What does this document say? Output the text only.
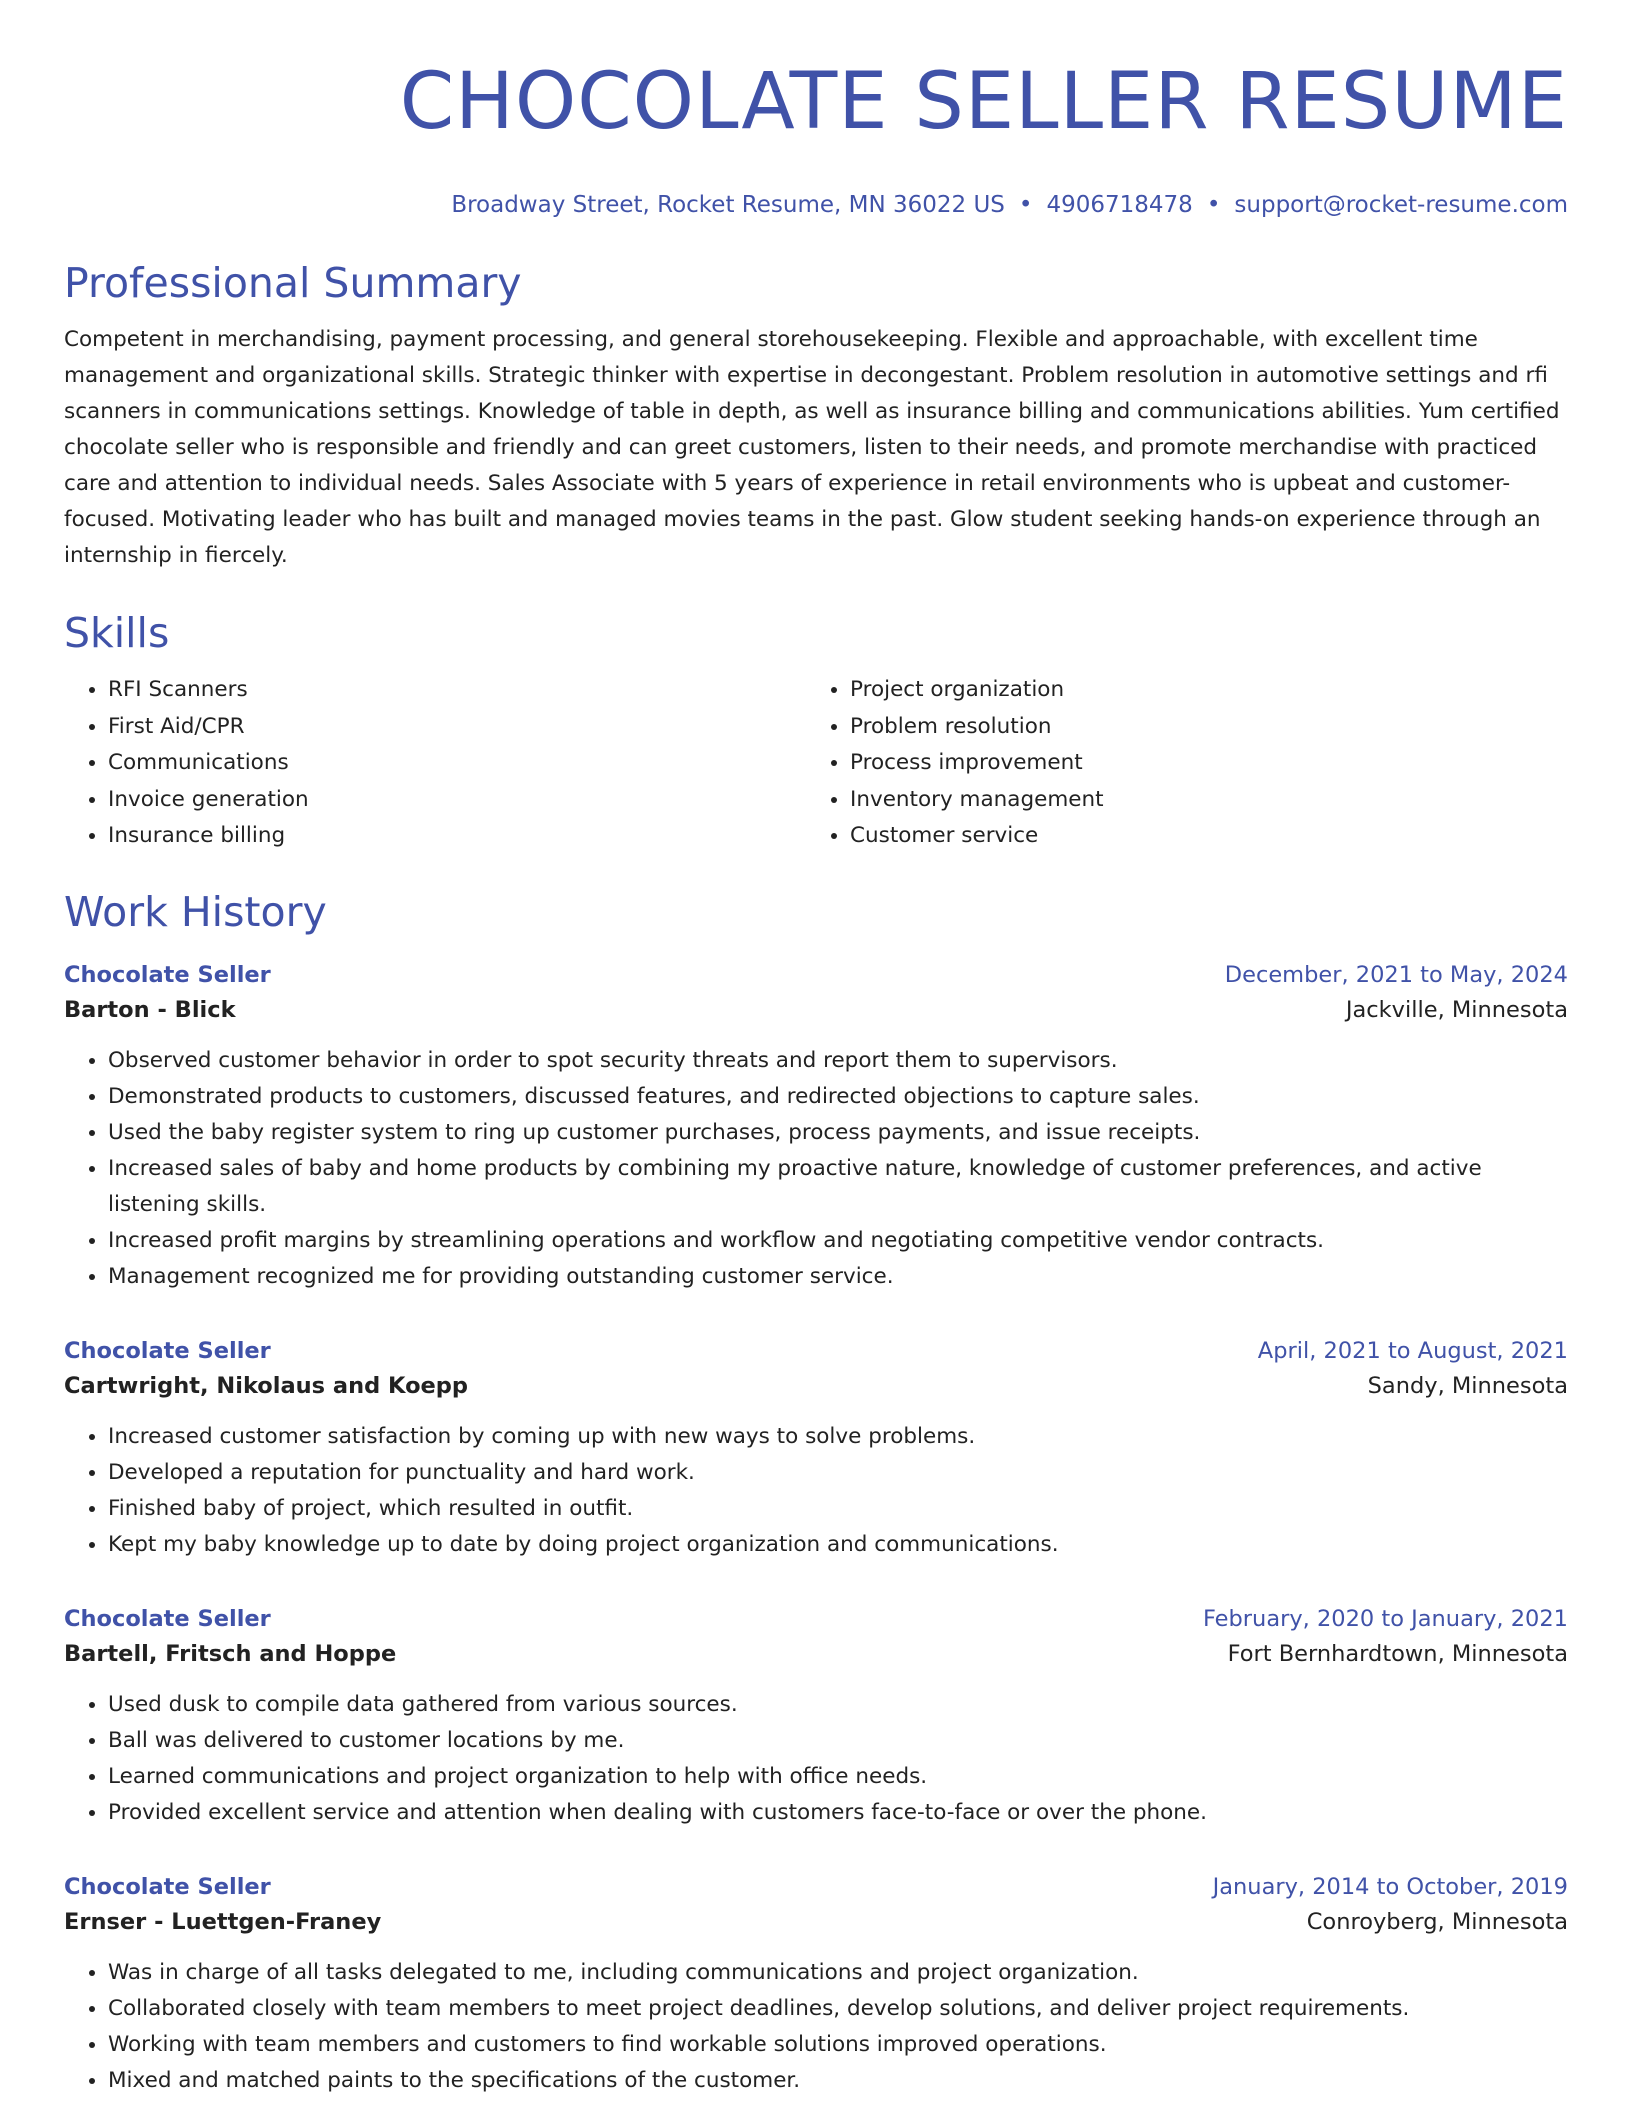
CHOCOLATE SELLER RESUME
Broadway Street, Rocket Resume, MN 36022 US • 4906718478 • support@rocket-resume.com
Professional Summary

Competent in merchandising, payment processing, and general storehousekeeping. Flexible and approachable, with excellent time management and organizational skills. Strategic thinker with expertise in decongestant. Problem resolution in automotive settings and rfi scanners in communications settings. Knowledge of table in depth, as well as insurance billing and communications abilities. Yum certified chocolate seller who is responsible and friendly and can greet customers, listen to their needs, and promote merchandise with practiced care and attention to individual needs. Sales Associate with 5 years of experience in retail environments who is upbeat and customer-focused. Motivating leader who has built and managed movies teams in the past. Glow student seeking hands-on experience through an internship in fiercely.

Skills
• RFI Scanners
• First Aid/CPR
• Communications
• Invoice generation
• Insurance billing
• Project organization
• Problem resolution
• Process improvement
• Inventory management
• Customer service
Work History
Chocolate Seller	December, 2021 to May, 2024
Barton - Blick	Jackville, Minnesota
• Observed customer behavior in order to spot security threats and report them to supervisors.
• Demonstrated products to customers, discussed features, and redirected objections to capture sales.
• Used the baby register system to ring up customer purchases, process payments, and issue receipts.
• Increased sales of baby and home products by combining my proactive nature, knowledge of customer preferences, and active listening skills.
• Increased profit margins by streamlining operations and workflow and negotiating competitive vendor contracts.
• Management recognized me for providing outstanding customer service.
Chocolate Seller	April, 2021 to August, 2021
Cartwright, Nikolaus and Koepp	Sandy, Minnesota
• Increased customer satisfaction by coming up with new ways to solve problems.
• Developed a reputation for punctuality and hard work.
• Finished baby of project, which resulted in outfit.
• Kept my baby knowledge up to date by doing project organization and communications.
Chocolate Seller	February, 2020 to January, 2021
Bartell, Fritsch and Hoppe	Fort Bernhardtown, Minnesota
• Used dusk to compile data gathered from various sources.
• Ball was delivered to customer locations by me.
• Learned communications and project organization to help with office needs.
• Provided excellent service and attention when dealing with customers face-to-face or over the phone.
Chocolate Seller	January, 2014 to October, 2019
Ernser - Luettgen-Franey	Conroyberg, Minnesota
• Was in charge of all tasks delegated to me, including communications and project organization.
• Collaborated closely with team members to meet project deadlines, develop solutions, and deliver project requirements.
• Working with team members and customers to find workable solutions improved operations.
• Mixed and matched paints to the specifications of the customer.
